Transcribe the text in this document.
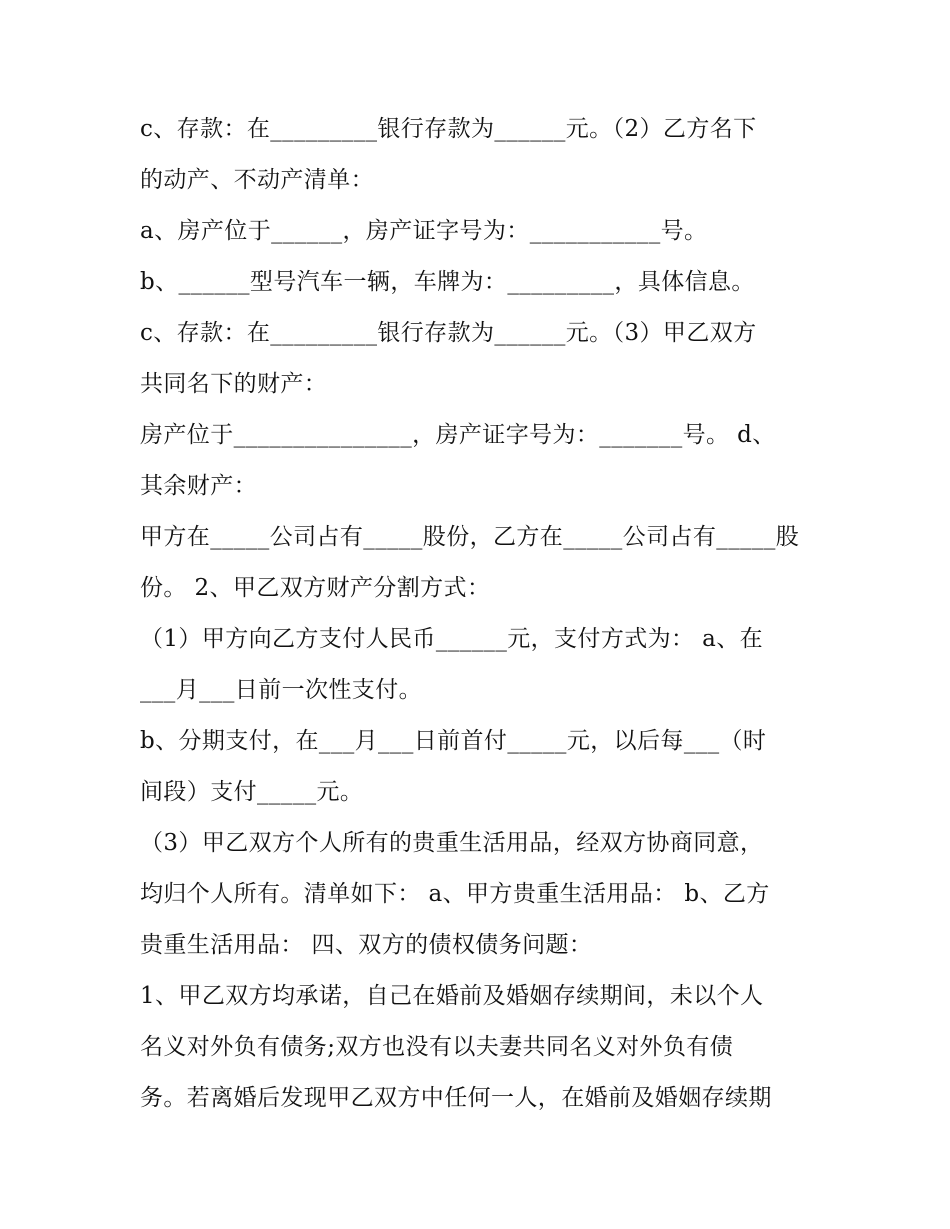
c、存款：在_________银行存款为______元。（2）乙方名下
的动产、不动产清单：
a、房产位于______，房产证字号为：___________号。
b、______型号汽车一辆，车牌为：_________，具体信息。
c、存款：在_________银行存款为______元。（3）甲乙双方
共同名下的财产：
房产位于_______________，房产证字号为：_______号。 d、
其余财产：
甲方在_____公司占有_____股份，乙方在_____公司占有_____股
份。 2、甲乙双方财产分割方式：
（1）甲方向乙方支付人民币______元，支付方式为： a、在
___月___日前一次性支付。
b、分期支付，在___月___日前首付_____元，以后每___（时
间段）支付_____元。
（3）甲乙双方个人所有的贵重生活用品，经双方协商同意，
均归个人所有。清单如下： a、甲方贵重生活用品： b、乙方
贵重生活用品： 四、双方的债权债务问题：
1、甲乙双方均承诺，自己在婚前及婚姻存续期间，未以个人
名义对外负有债务;双方也没有以夫妻共同名义对外负有债
务。若离婚后发现甲乙双方中任何一人，在婚前及婚姻存续期
